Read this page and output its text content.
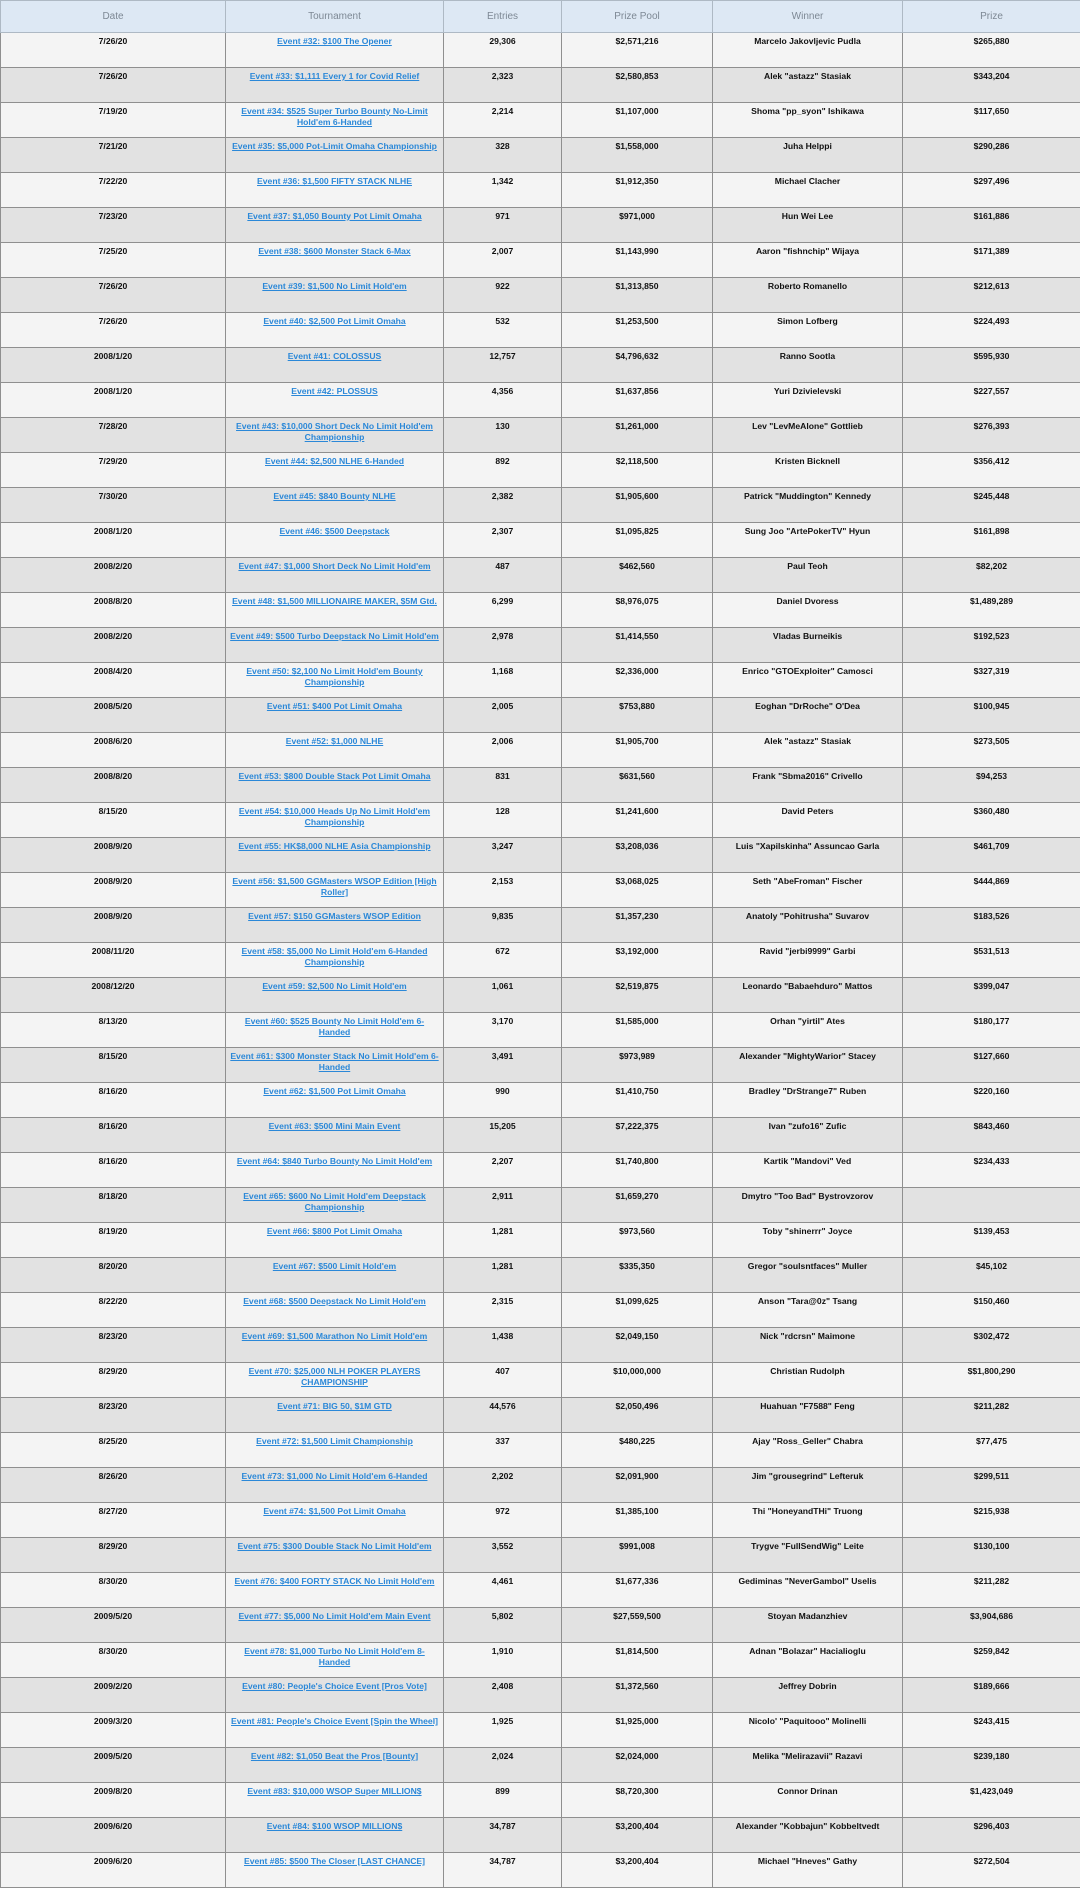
Date	Tournament	Entries	Prize Pool	Winner	Prize
7/26/20	Event #32: $100 The Opener	29,306	$2,571,216	Marcelo Jakovljevic Pudla	$265,880
7/26/20	Event #33: $1,111 Every 1 for Covid Relief	2,323	$2,580,853	Alek "astazz" Stasiak	$343,204
7/19/20	Event #34: $525 Super Turbo Bounty No-Limit Hold'em 6-Handed	2,214	$1,107,000	Shoma "pp_syon" Ishikawa	$117,650
7/21/20	Event #35: $5,000 Pot-Limit Omaha Championship	328	$1,558,000	Juha Helppi	$290,286
7/22/20	Event #36: $1,500 FIFTY STACK NLHE	1,342	$1,912,350	Michael Clacher	$297,496
7/23/20	Event #37: $1,050 Bounty Pot Limit Omaha	971	$971,000	Hun Wei Lee	$161,886
7/25/20	Event #38: $600 Monster Stack 6-Max	2,007	$1,143,990	Aaron "fishnchip" Wijaya	$171,389
7/26/20	Event #39: $1,500 No Limit Hold'em	922	$1,313,850	Roberto Romanello	$212,613
7/26/20	Event #40: $2,500 Pot Limit Omaha	532	$1,253,500	Simon Lofberg	$224,493
2008/1/20	Event #41: COLOSSUS	12,757	$4,796,632	Ranno Sootla	$595,930
2008/1/20	Event #42: PLOSSUS	4,356	$1,637,856	Yuri Dzivielevski	$227,557
7/28/20	Event #43: $10,000 Short Deck No Limit Hold'em Championship	130	$1,261,000	Lev "LevMeAlone" Gottlieb	$276,393
7/29/20	Event #44: $2,500 NLHE 6-Handed	892	$2,118,500	Kristen Bicknell	$356,412
7/30/20	Event #45: $840 Bounty NLHE	2,382	$1,905,600	Patrick "Muddington" Kennedy	$245,448
2008/1/20	Event #46: $500 Deepstack	2,307	$1,095,825	Sung Joo "ArtePokerTV" Hyun	$161,898
2008/2/20	Event #47: $1,000 Short Deck No Limit Hold'em	487	$462,560	Paul Teoh	$82,202
2008/8/20	Event #48: $1,500 MILLIONAIRE MAKER, $5M Gtd.	6,299	$8,976,075	Daniel Dvoress	$1,489,289
2008/2/20	Event #49: $500 Turbo Deepstack No Limit Hold'em	2,978	$1,414,550	Vladas Burneikis	$192,523
2008/4/20	Event #50: $2,100 No Limit Hold'em Bounty Championship	1,168	$2,336,000	Enrico "GTOExploiter" Camosci	$327,319
2008/5/20	Event #51: $400 Pot Limit Omaha	2,005	$753,880	Eoghan "DrRoche" O'Dea	$100,945
2008/6/20	Event #52: $1,000 NLHE	2,006	$1,905,700	Alek "astazz" Stasiak	$273,505
2008/8/20	Event #53: $800 Double Stack Pot Limit Omaha	831	$631,560	Frank "Sbma2016" Crivello	$94,253
8/15/20	Event #54: $10,000 Heads Up No Limit Hold'em Championship	128	$1,241,600	David Peters	$360,480
2008/9/20	Event #55: HK$8,000 NLHE Asia Championship	3,247	$3,208,036	Luis "Xapilskinha" Assuncao Garla	$461,709
2008/9/20	Event #56: $1,500 GGMasters WSOP Edition [High Roller]	2,153	$3,068,025	Seth "AbeFroman" Fischer	$444,869
2008/9/20	Event #57: $150 GGMasters WSOP Edition	9,835	$1,357,230	Anatoly "Pohitrusha" Suvarov	$183,526
2008/11/20	Event #58: $5,000 No Limit Hold'em 6-Handed Championship	672	$3,192,000	Ravid "jerbi9999" Garbi	$531,513
2008/12/20	Event #59: $2,500 No Limit Hold'em	1,061	$2,519,875	Leonardo "Babaehduro" Mattos	$399,047
8/13/20	Event #60: $525 Bounty No Limit Hold'em 6-Handed	3,170	$1,585,000	Orhan "yirtil" Ates	$180,177
8/15/20	Event #61: $300 Monster Stack No Limit Hold'em 6-Handed	3,491	$973,989	Alexander "MightyWarior" Stacey	$127,660
8/16/20	Event #62: $1,500 Pot Limit Omaha	990	$1,410,750	Bradley "DrStrange7" Ruben	$220,160
8/16/20	Event #63: $500 Mini Main Event	15,205	$7,222,375	Ivan "zufo16" Zufic	$843,460
8/16/20	Event #64: $840 Turbo Bounty No Limit Hold'em	2,207	$1,740,800	Kartik "Mandovi" Ved	$234,433
8/18/20	Event #65: $600 No Limit Hold'em Deepstack Championship	2,911	$1,659,270	Dmytro "Too Bad" Bystrovzorov	
8/19/20	Event #66: $800 Pot Limit Omaha	1,281	$973,560	Toby "shinerrr" Joyce	$139,453
8/20/20	Event #67: $500 Limit Hold'em	1,281	$335,350	Gregor "soulsntfaces" Muller	$45,102
8/22/20	Event #68: $500 Deepstack No Limit Hold'em	2,315	$1,099,625	Anson "Tara@0z" Tsang	$150,460
8/23/20	Event #69: $1,500 Marathon No Limit Hold'em	1,438	$2,049,150	Nick "rdcrsn" Maimone	$302,472
8/29/20	Event #70: $25,000 NLH POKER PLAYERS CHAMPIONSHIP	407	$10,000,000	Christian Rudolph	$$1,800,290
8/23/20	Event #71: BIG 50, $1M GTD	44,576	$2,050,496	Huahuan "F7588" Feng	$211,282
8/25/20	Event #72: $1,500 Limit Championship	337	$480,225	Ajay "Ross_Geller" Chabra	$77,475
8/26/20	Event #73: $1,000 No Limit Hold'em 6-Handed	2,202	$2,091,900	Jim "grousegrind" Lefteruk	$299,511
8/27/20	Event #74: $1,500 Pot Limit Omaha	972	$1,385,100	Thi "HoneyandTHi" Truong	$215,938
8/29/20	Event #75: $300 Double Stack No Limit Hold'em	3,552	$991,008	Trygve "FullSendWig" Leite	$130,100
8/30/20	Event #76: $400 FORTY STACK No Limit Hold'em	4,461	$1,677,336	Gediminas "NeverGambol" Uselis	$211,282
2009/5/20	Event #77: $5,000 No Limit Hold'em Main Event	5,802	$27,559,500	Stoyan Madanzhiev	$3,904,686
8/30/20	Event #78: $1,000 Turbo No Limit Hold'em 8-Handed	1,910	$1,814,500	Adnan "Bolazar" Hacialioglu	$259,842
2009/2/20	Event #80: People's Choice Event [Pros Vote]	2,408	$1,372,560	Jeffrey Dobrin	$189,666
2009/3/20	Event #81: People's Choice Event [Spin the Wheel]	1,925	$1,925,000	Nicolo' "Paquitooo" Molinelli	$243,415
2009/5/20	Event #82: $1,050 Beat the Pros [Bounty]	2,024	$2,024,000	Melika "Melirazavii" Razavi	$239,180
2009/8/20	Event #83: $10,000 WSOP Super MILLION$	899	$8,720,300	Connor Drinan	$1,423,049
2009/6/20	Event #84: $100 WSOP MILLION$	34,787	$3,200,404	Alexander "Kobbajun" Kobbeltvedt	$296,403
2009/6/20	Event #85: $500 The Closer [LAST CHANCE]	34,787	$3,200,404	Michael "Hneves" Gathy	$272,504
